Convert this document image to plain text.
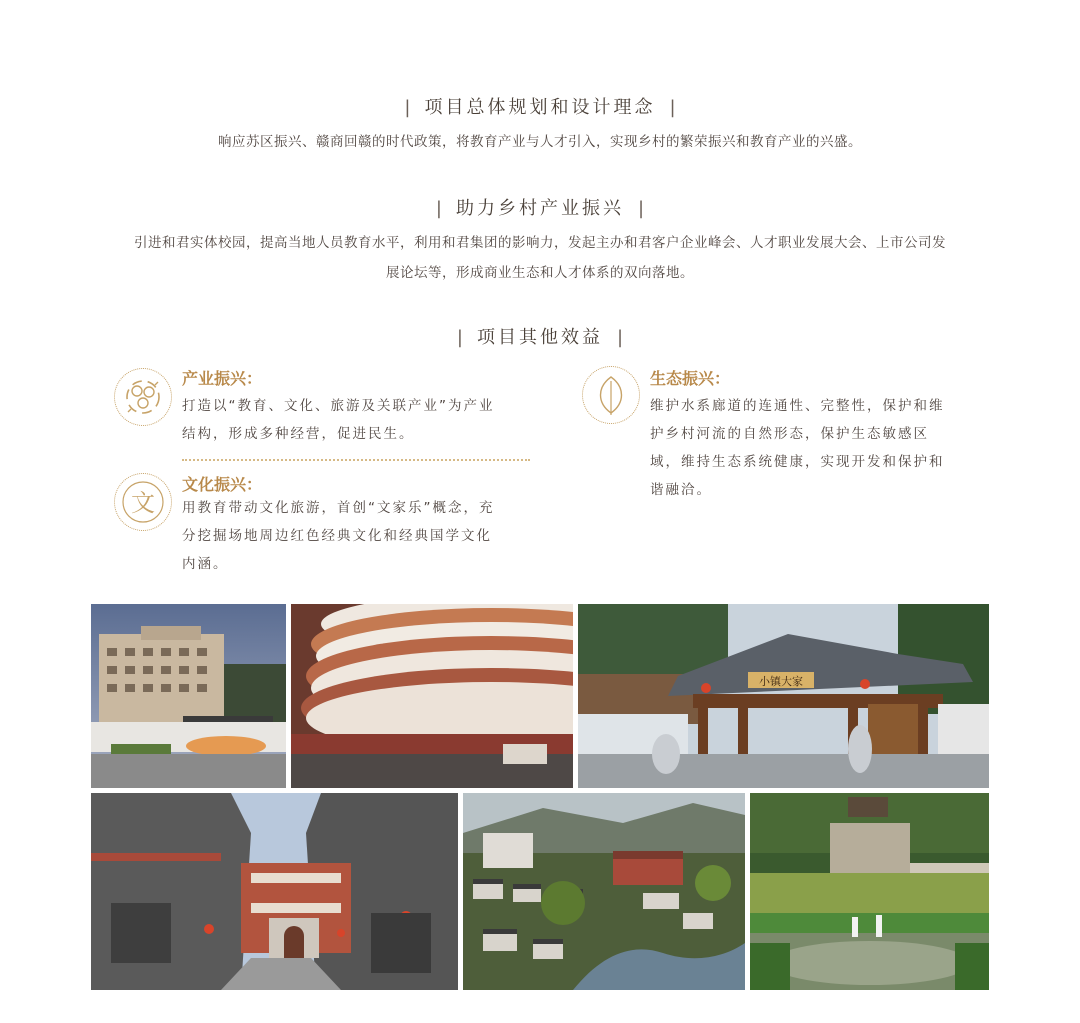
| 项目总体规划和设计理念 |
响应苏区振兴、赣商回赣的时代政策，将教育产业与人才引入，实现乡村的繁荣振兴和教育产业的兴盛。
| 助力乡村产业振兴 |
引进和君实体校园，提高当地人员教育水平，利用和君集团的影响力，发起主办和君客户企业峰会、人才职业发展大会、上市公司发
展论坛等，形成商业生态和人才体系的双向落地。
| 项目其他效益 |
产业振兴：
打造以“教育、文化、旅游及关联产业”为产业
结构，形成多种经营，促进民生。
文
文化振兴：
用教育带动文化旅游，首创“文家乐”概念，充
分挖掘场地周边红色经典文化和经典国学文化
内涵。
生态振兴：
维护水系廊道的连通性、完整性，保护和维
护乡村河流的自然形态，保护生态敏感区
域，维持生态系统健康，实现开发和保护和
谐融洽。
小镇大家
